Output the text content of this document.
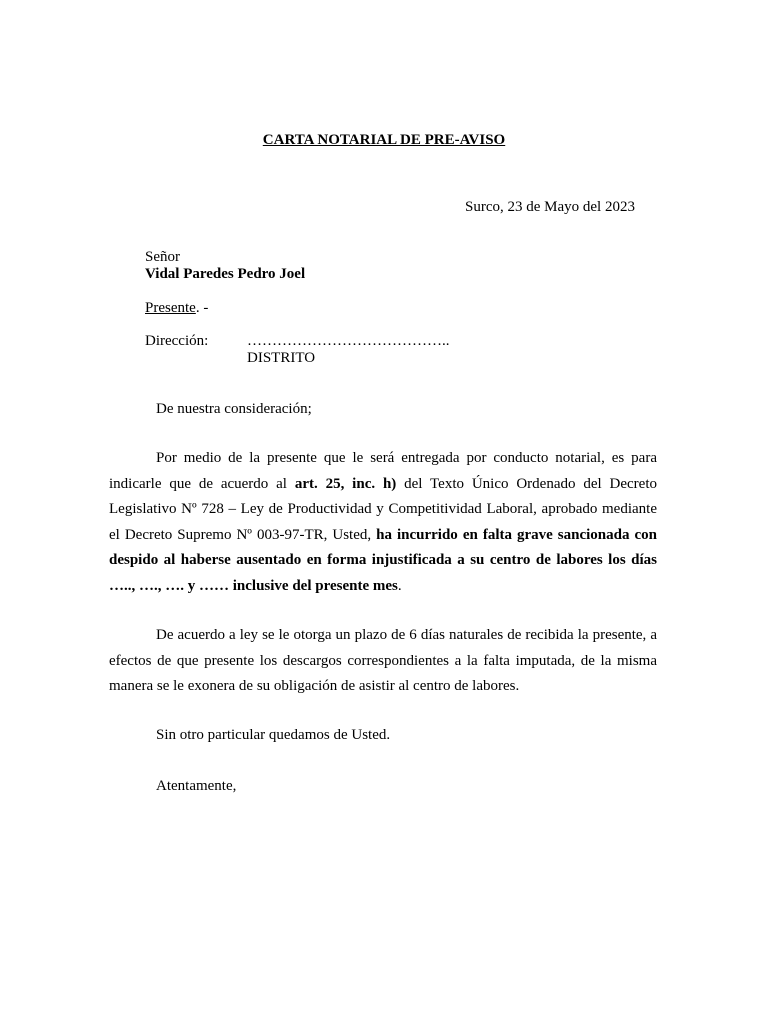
CARTA NOTARIAL DE PRE-AVISO
Surco, 23 de Mayo del 2023
Señor
Vidal Paredes Pedro Joel
Presente. -
Dirección:	…………………………………..
DISTRITO
De nuestra consideración;
Por medio de la presente que le será entregada por conducto notarial, es para indicarle que de acuerdo al art. 25, inc. h) del Texto Único Ordenado del Decreto Legislativo Nº 728 – Ley de Productividad y Competitividad Laboral, aprobado mediante el Decreto Supremo Nº 003-97-TR, Usted, ha incurrido en falta grave sancionada con despido al haberse ausentado en forma injustificada a su centro de labores los días ….., …., …. y …… inclusive del presente mes.
De acuerdo a ley se le otorga un plazo de 6 días naturales de recibida la presente, a efectos de que presente los descargos correspondientes a la falta imputada, de la misma manera se le exonera de su obligación de asistir al centro de labores.
Sin otro particular quedamos de Usted.
Atentamente,
